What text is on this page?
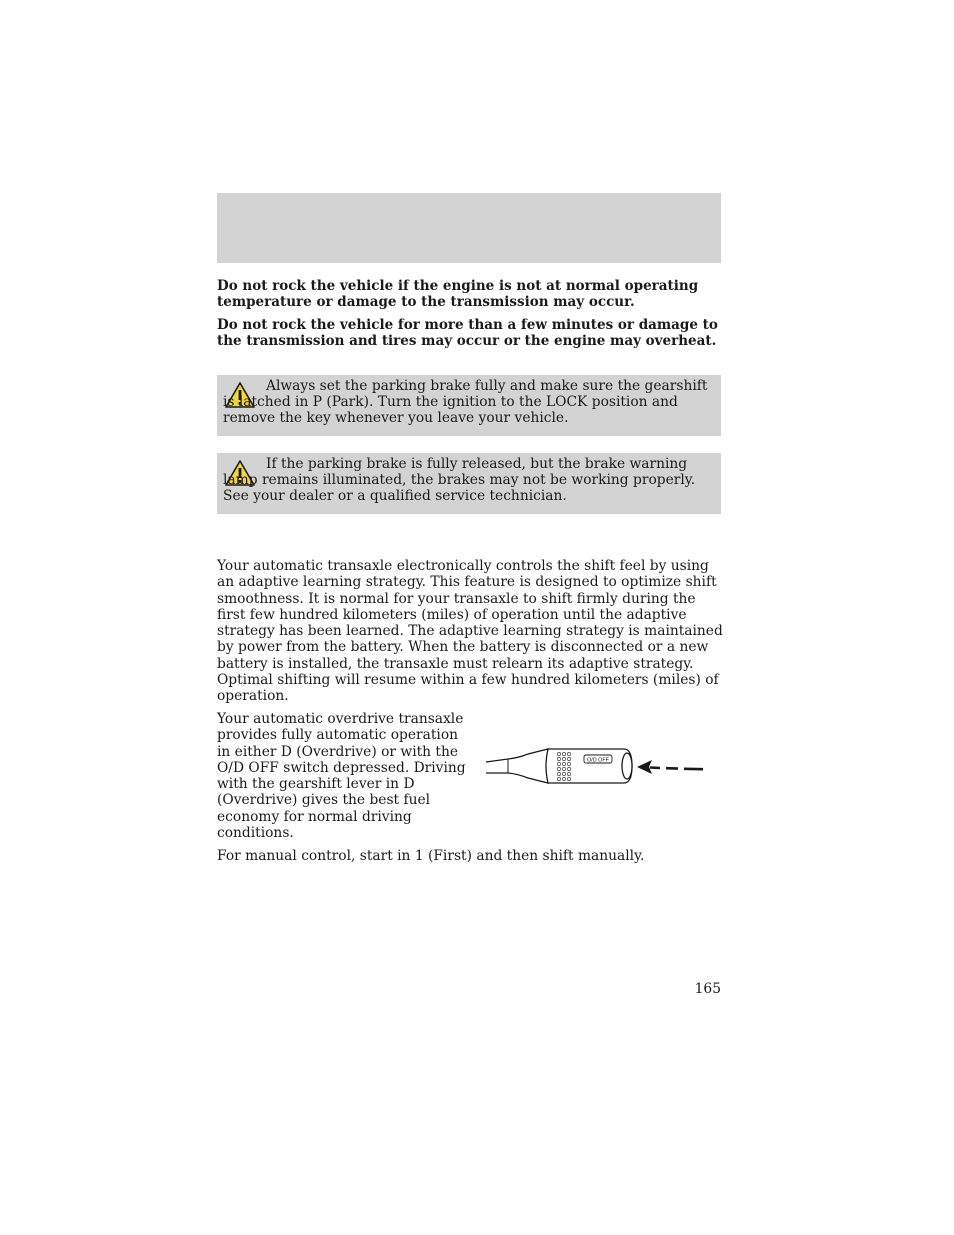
Do not rock the vehicle if the engine is not at normal operating temperature or damage to the transmission may occur.

Do not rock the vehicle for more than a few minutes or damage to the transmission and tires may occur or the engine may overheat.

Always set the parking brake fully and make sure the gearshift is latched in P (Park). Turn the ignition to the LOCK position and remove the key whenever you leave your vehicle.

If the parking brake is fully released, but the brake warning lamp remains illuminated, the brakes may not be working properly. See your dealer or a qualified service technician.

Your automatic transaxle electronically controls the shift feel by using an adaptive learning strategy. This feature is designed to optimize shift smoothness. It is normal for your transaxle to shift firmly during the first few hundred kilometers (miles) of operation until the adaptive strategy has been learned. The adaptive learning strategy is maintained by power from the battery. When the battery is disconnected or a new battery is installed, the transaxle must relearn its adaptive strategy. Optimal shifting will resume within a few hundred kilometers (miles) of operation.

Your automatic overdrive transaxle provides fully automatic operation in either D (Overdrive) or with the O/D OFF switch depressed. Driving with the gearshift lever in D (Overdrive) gives the best fuel economy for normal driving conditions.

O/D OFF

For manual control, start in 1 (First) and then shift manually.

165
